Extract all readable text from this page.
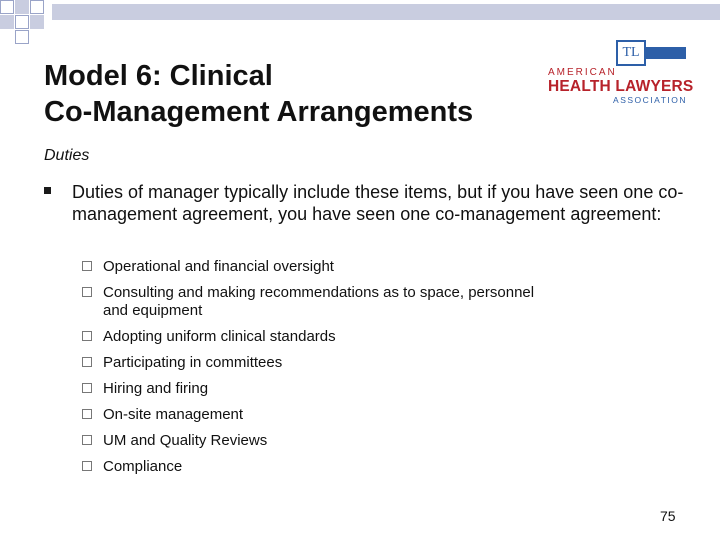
Model 6: Clinical
Co-Management Arrangements
TL
AMERICAN
HEALTH LAWYERS
ASSOCIATION
Duties
Duties of manager typically include these items, but if you have seen one co-management agreement, you have seen one co-management agreement:
Operational and financial oversight
Consulting and making recommendations as to space, personnel and equipment
Adopting uniform clinical standards
Participating in committees
Hiring and firing
On-site management
UM and Quality Reviews
Compliance
75
